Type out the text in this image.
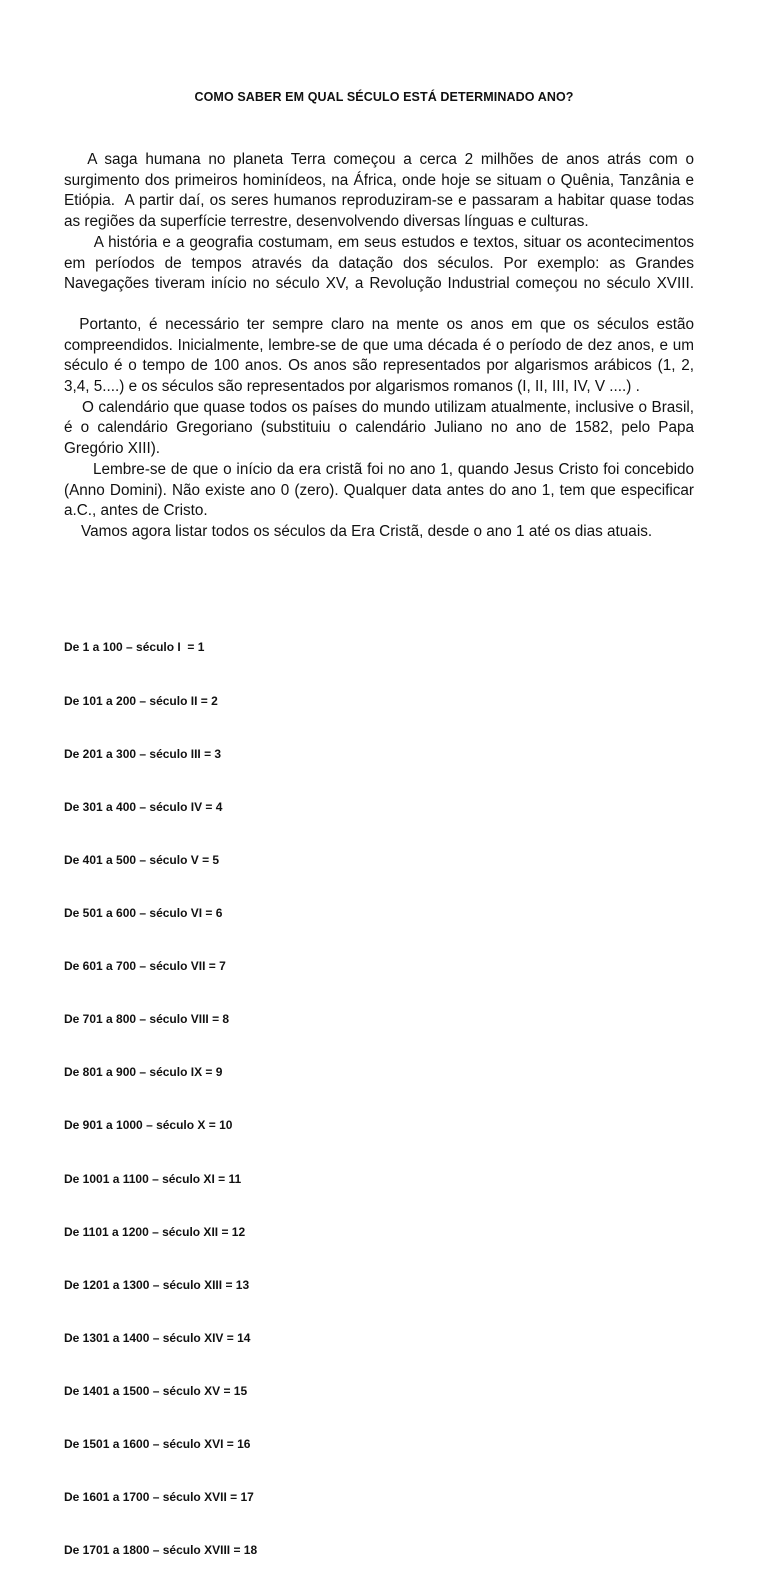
COMO SABER EM QUAL SÉCULO ESTÁ DETERMINADO ANO?

A saga humana no planeta Terra começou a cerca 2 milhões de anos atrás com o surgimento dos primeiros hominídeos, na África, onde hoje se situam o Quênia, Tanzânia e Etiópia.  A partir daí, os seres humanos reproduziram-se e passaram a habitar quase todas as regiões da superfície terrestre, desenvolvendo diversas línguas e culturas.

A história e a geografia costumam, em seus estudos e textos, situar os acontecimentos em períodos de tempos através da datação dos séculos. Por exemplo: as Grandes Navegações tiveram início no século XV, a Revolução Industrial começou no século XVIII.

Portanto, é necessário ter sempre claro na mente os anos em que os séculos estão compreendidos. Inicialmente, lembre-se de que uma década é o período de dez anos, e um século é o tempo de 100 anos. Os anos são representados por algarismos arábicos (1, 2, 3,4, 5....) e os séculos são representados por algarismos romanos (I, II, III, IV, V ....) .

O calendário que quase todos os países do mundo utilizam atualmente, inclusive o Brasil, é o calendário Gregoriano (substituiu o calendário Juliano no ano de 1582, pelo Papa Gregório XIII).

Lembre-se de que o início da era cristã foi no ano 1, quando Jesus Cristo foi concebido (Anno Domini). Não existe ano 0 (zero). Qualquer data antes do ano 1, tem que especificar a.C., antes de Cristo.

Vamos agora listar todos os séculos da Era Cristã, desde o ano 1 até os dias atuais.

De 1 a 100 – século I  = 1

De 101 a 200 – século II = 2

De 201 a 300 – século III = 3

De 301 a 400 – século IV = 4

De 401 a 500 – século V = 5

De 501 a 600 – século VI = 6

De 601 a 700 – século VII = 7

De 701 a 800 – século VIII = 8

De 801 a 900 – século IX = 9

De 901 a 1000 – século X = 10

De 1001 a 1100 – século XI = 11

De 1101 a 1200 – século XII = 12

De 1201 a 1300 – século XIII = 13

De 1301 a 1400 – século XIV = 14

De 1401 a 1500 – século XV = 15

De 1501 a 1600 – século XVI = 16

De 1601 a 1700 – século XVII = 17

De 1701 a 1800 – século XVIII = 18
